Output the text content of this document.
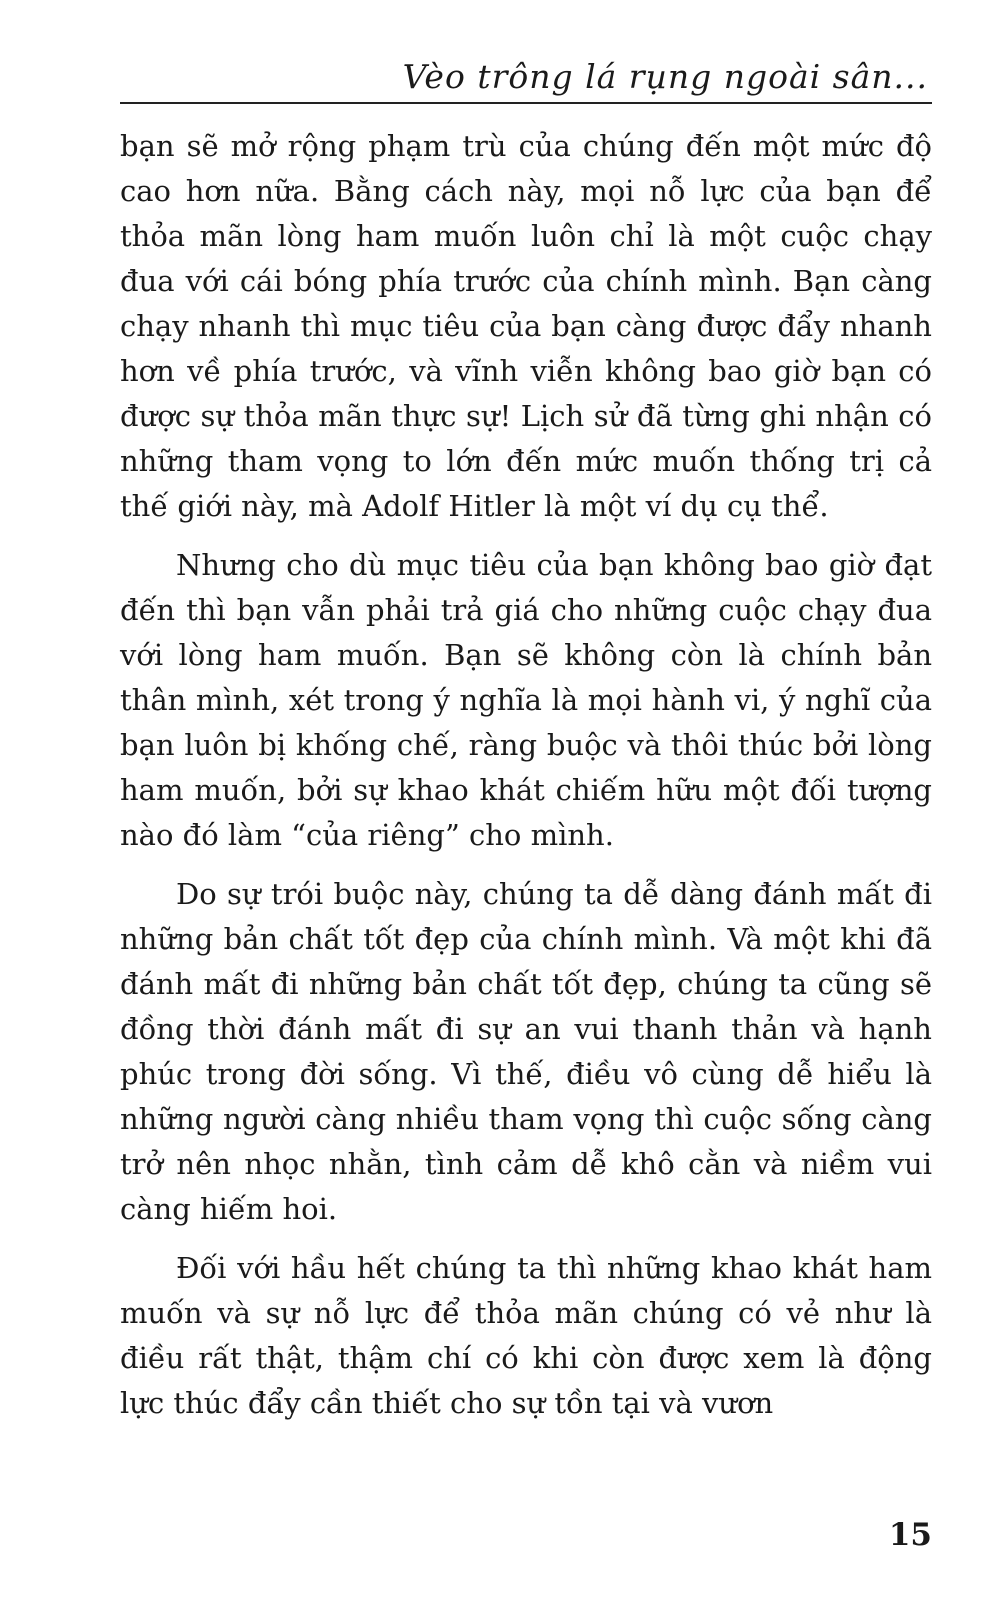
Vèo trông lá rụng ngoài sân...

bạn sẽ mở rộng phạm trù của chúng đến một mức độ cao hơn nữa. Bằng cách này, mọi nỗ lực của bạn để thỏa mãn lòng ham muốn luôn chỉ là một cuộc chạy đua với cái bóng phía trước của chính mình. Bạn càng chạy nhanh thì mục tiêu của bạn càng được đẩy nhanh hơn về phía trước, và vĩnh viễn không bao giờ bạn có được sự thỏa mãn thực sự! Lịch sử đã từng ghi nhận có những tham vọng to lớn đến mức muốn thống trị cả thế giới này, mà Adolf Hitler là một ví dụ cụ thể.

Nhưng cho dù mục tiêu của bạn không bao giờ đạt đến thì bạn vẫn phải trả giá cho những cuộc chạy đua với lòng ham muốn. Bạn sẽ không còn là chính bản thân mình, xét trong ý nghĩa là mọi hành vi, ý nghĩ của bạn luôn bị khống chế, ràng buộc và thôi thúc bởi lòng ham muốn, bởi sự khao khát chiếm hữu một đối tượng nào đó làm “của riêng” cho mình.

Do sự trói buộc này, chúng ta dễ dàng đánh mất đi những bản chất tốt đẹp của chính mình. Và một khi đã đánh mất đi những bản chất tốt đẹp, chúng ta cũng sẽ đồng thời đánh mất đi sự an vui thanh thản và hạnh phúc trong đời sống. Vì thế, điều vô cùng dễ hiểu là những người càng nhiều tham vọng thì cuộc sống càng trở nên nhọc nhằn, tình cảm dễ khô cằn và niềm vui càng hiếm hoi.

Đối với hầu hết chúng ta thì những khao khát ham muốn và sự nỗ lực để thỏa mãn chúng có vẻ như là điều rất thật, thậm chí có khi còn được xem là động lực thúc đẩy cần thiết cho sự tồn tại và vươn

15
